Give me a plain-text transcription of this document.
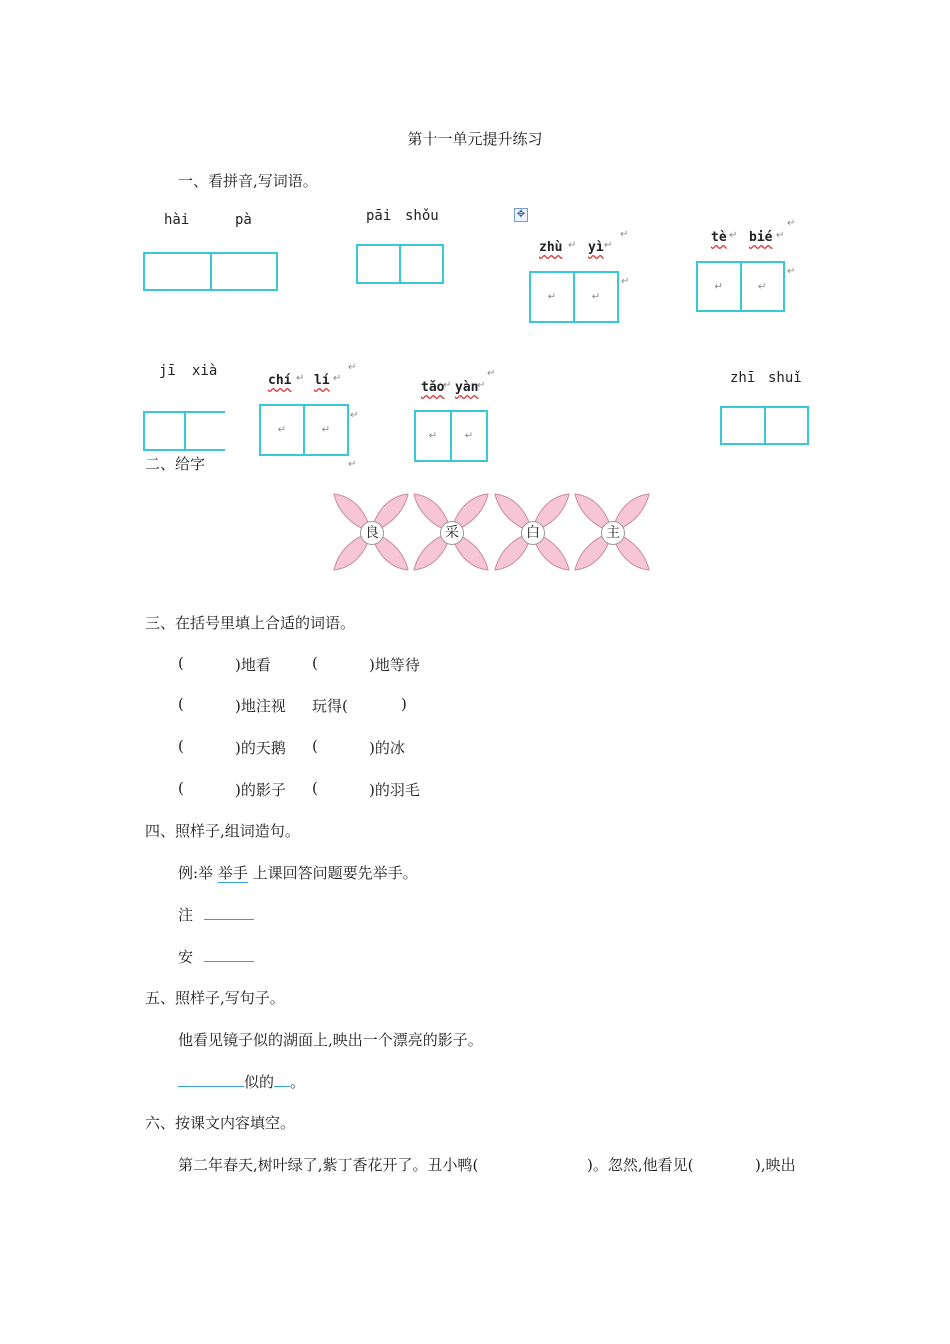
第十一单元提升练习
一、看拼音,写词语。
hài	pà	pāi shǒu	✥
zhù yì
↵
↵	↵
↵	↵
↵
tè bié
↵
↵	↵
↵	↵
↵
jī xià
chí lí
↵	↵
↵
↵	↵
↵
↵
tǎo yàn
↵	↵
↵
↵	↵
zhī shuǐ
二、给字
良	采	白	主
三、在括号里填上合适的词语。
(	)地看	(	)地等待
(	)地注视 玩得(	)
(	)的天鹅 (	)的冰
(	)的影子 (	)的羽毛
四、照样子,组词造句。
例:举 举手 上课回答问题要先举手。
注
安
五、照样子,写句子。
他看见镜子似的湖面上,映出一个漂亮的影子。
似的 。
六、按课文内容填空。
第二年春天,树叶绿了,紫丁香花开了。丑小鸭(	)。忽然,他看见(	),映出
